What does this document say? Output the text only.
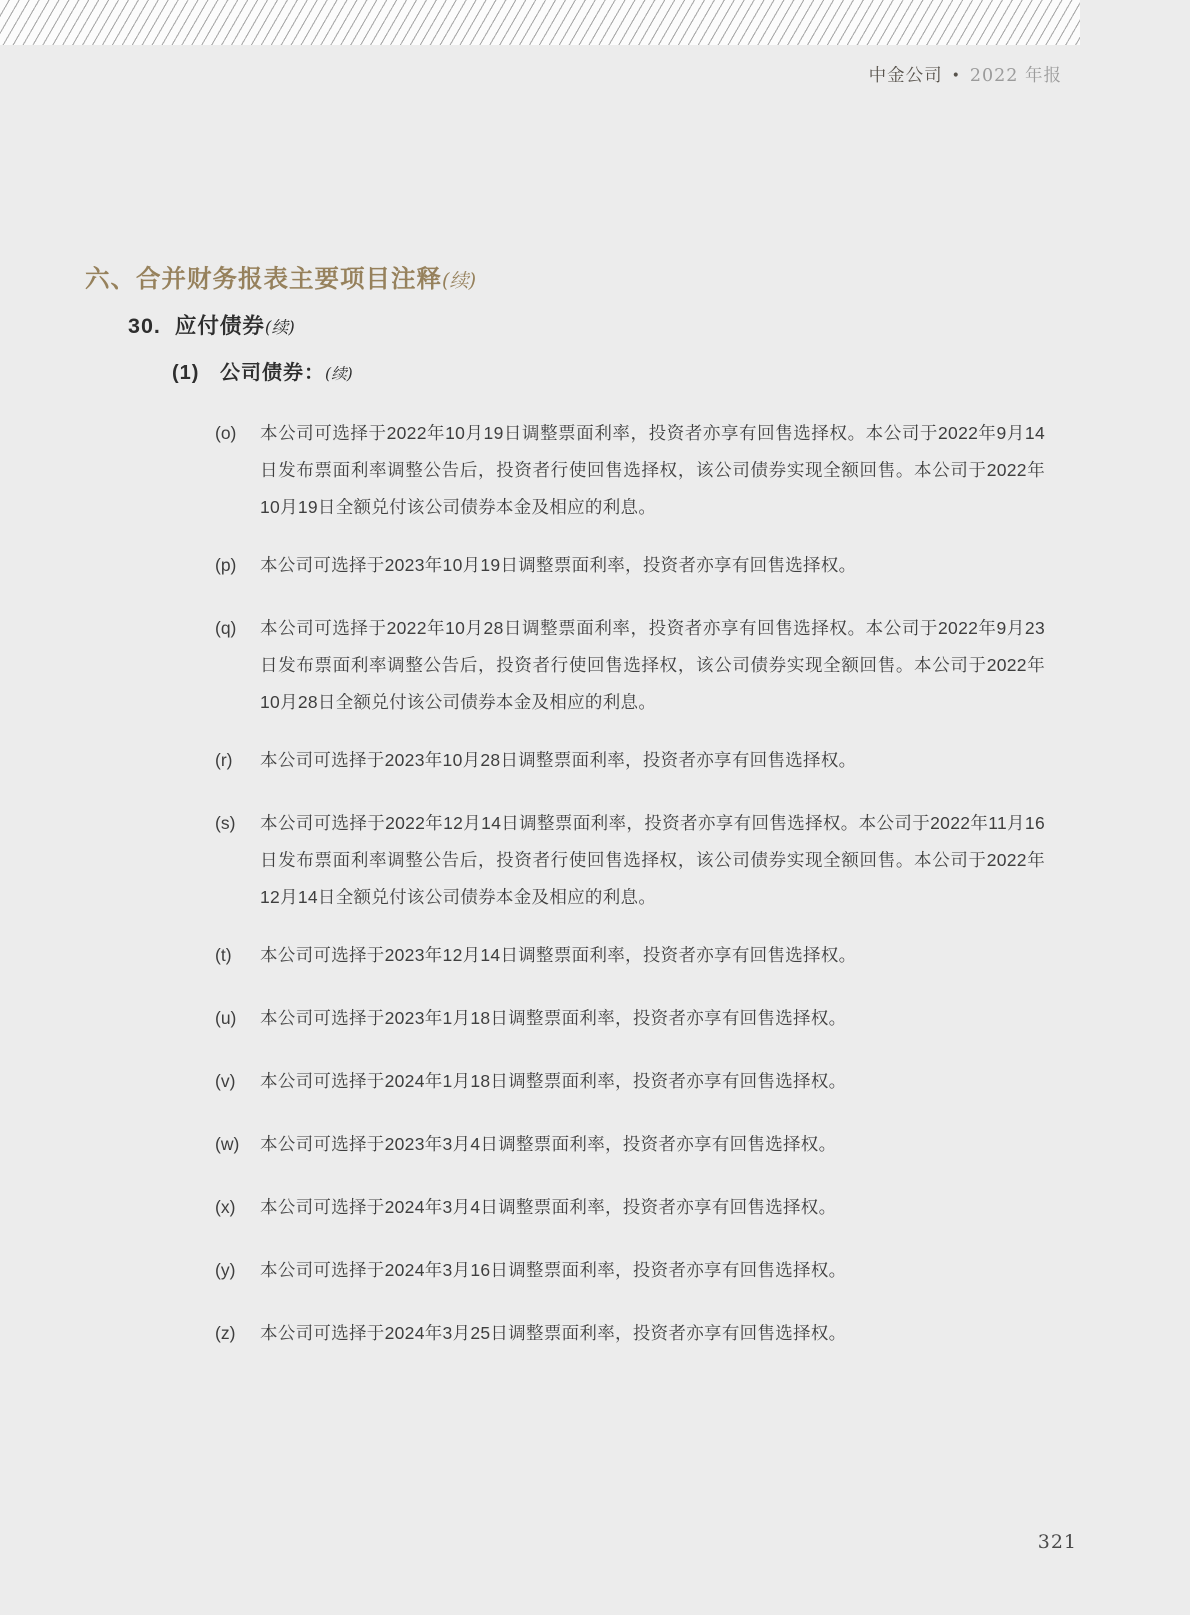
中金公司 • 2022 年报
六、合并财务报表主要项目注释(续)
30. 应付债券(续)
(1) 公司债券：(续)
(o)	本公司可选择于2022年10月19日调整票面利率，投资者亦享有回售选择权。本公司于2022年9月14日发布票面利率调整公告后，投资者行使回售选择权，该公司债券实现全额回售。本公司于2022年10月19日全额兑付该公司债券本金及相应的利息。
(p)	本公司可选择于2023年10月19日调整票面利率，投资者亦享有回售选择权。
(q)	本公司可选择于2022年10月28日调整票面利率，投资者亦享有回售选择权。本公司于2022年9月23日发布票面利率调整公告后，投资者行使回售选择权，该公司债券实现全额回售。本公司于2022年10月28日全额兑付该公司债券本金及相应的利息。
(r)	本公司可选择于2023年10月28日调整票面利率，投资者亦享有回售选择权。
(s)	本公司可选择于2022年12月14日调整票面利率，投资者亦享有回售选择权。本公司于2022年11月16日发布票面利率调整公告后，投资者行使回售选择权，该公司债券实现全额回售。本公司于2022年12月14日全额兑付该公司债券本金及相应的利息。
(t)	本公司可选择于2023年12月14日调整票面利率，投资者亦享有回售选择权。
(u)	本公司可选择于2023年1月18日调整票面利率，投资者亦享有回售选择权。
(v)	本公司可选择于2024年1月18日调整票面利率，投资者亦享有回售选择权。
(w)	本公司可选择于2023年3月4日调整票面利率，投资者亦享有回售选择权。
(x)	本公司可选择于2024年3月4日调整票面利率，投资者亦享有回售选择权。
(y)	本公司可选择于2024年3月16日调整票面利率，投资者亦享有回售选择权。
(z)	本公司可选择于2024年3月25日调整票面利率，投资者亦享有回售选择权。
321
